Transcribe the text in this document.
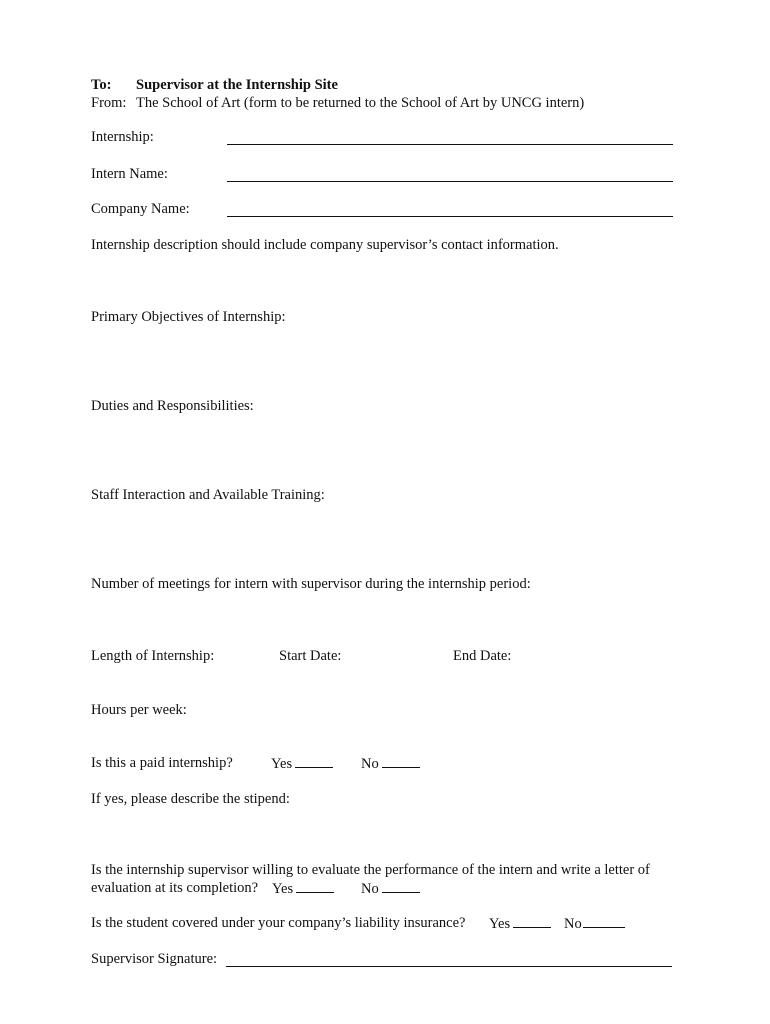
To: Supervisor at the Internship Site
From: The School of Art (form to be returned to the School of Art by UNCG intern)
Internship:
Intern Name:
Company Name:
Internship description should include company supervisor’s contact information.
Primary Objectives of Internship:
Duties and Responsibilities:
Staff Interaction and Available Training:
Number of meetings for intern with supervisor during the internship period:
Length of Internship:	Start Date:	End Date:
Hours per week:
Is this a paid internship?	Yes	No
If yes, please describe the stipend:
Is the internship supervisor willing to evaluate the performance of the intern and write a letter of
evaluation at its completion? Yes	No
Is the student covered under your company’s liability insurance? Yes	No
Supervisor Signature:
